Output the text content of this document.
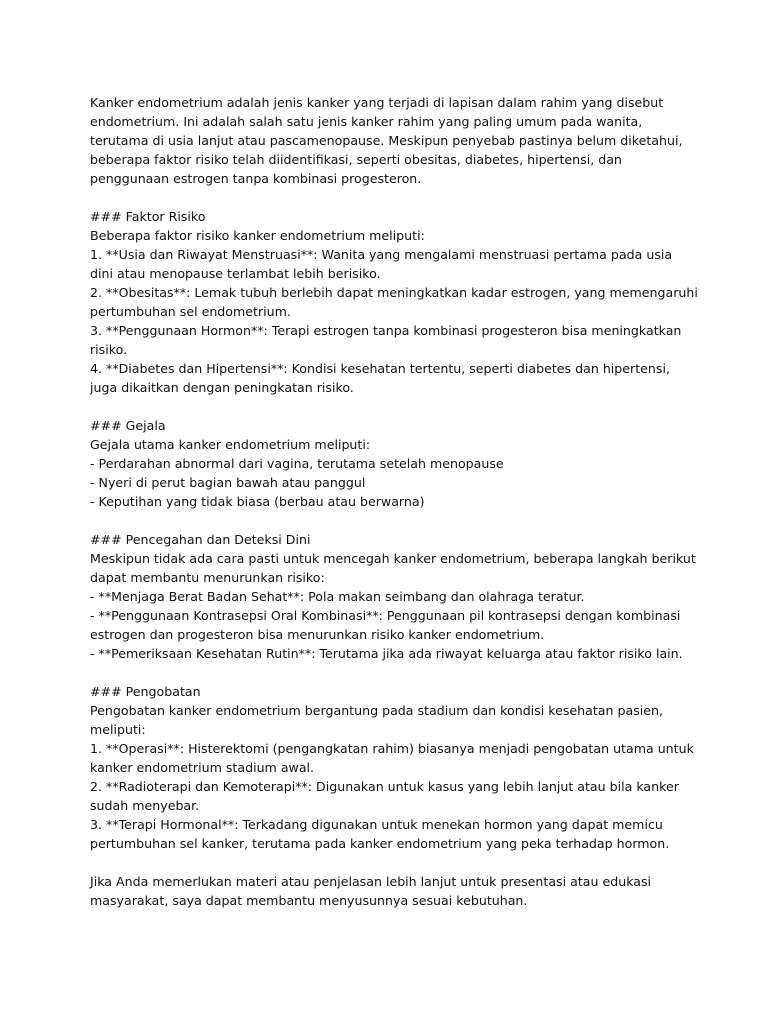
Kanker endometrium adalah jenis kanker yang terjadi di lapisan dalam rahim yang disebut
endometrium. Ini adalah salah satu jenis kanker rahim yang paling umum pada wanita,
terutama di usia lanjut atau pascamenopause. Meskipun penyebab pastinya belum diketahui,
beberapa faktor risiko telah diidentifikasi, seperti obesitas, diabetes, hipertensi, dan
penggunaan estrogen tanpa kombinasi progesteron.
### Faktor Risiko
Beberapa faktor risiko kanker endometrium meliputi:
1. **Usia dan Riwayat Menstruasi**: Wanita yang mengalami menstruasi pertama pada usia
dini atau menopause terlambat lebih berisiko.
2. **Obesitas**: Lemak tubuh berlebih dapat meningkatkan kadar estrogen, yang memengaruhi
pertumbuhan sel endometrium.
3. **Penggunaan Hormon**: Terapi estrogen tanpa kombinasi progesteron bisa meningkatkan
risiko.
4. **Diabetes dan Hipertensi**: Kondisi kesehatan tertentu, seperti diabetes dan hipertensi,
juga dikaitkan dengan peningkatan risiko.
### Gejala
Gejala utama kanker endometrium meliputi:
- Perdarahan abnormal dari vagina, terutama setelah menopause
- Nyeri di perut bagian bawah atau panggul
- Keputihan yang tidak biasa (berbau atau berwarna)
### Pencegahan dan Deteksi Dini
Meskipun tidak ada cara pasti untuk mencegah kanker endometrium, beberapa langkah berikut
dapat membantu menurunkan risiko:
- **Menjaga Berat Badan Sehat**: Pola makan seimbang dan olahraga teratur.
- **Penggunaan Kontrasepsi Oral Kombinasi**: Penggunaan pil kontrasepsi dengan kombinasi
estrogen dan progesteron bisa menurunkan risiko kanker endometrium.
- **Pemeriksaan Kesehatan Rutin**: Terutama jika ada riwayat keluarga atau faktor risiko lain.
### Pengobatan
Pengobatan kanker endometrium bergantung pada stadium dan kondisi kesehatan pasien,
meliputi:
1. **Operasi**: Histerektomi (pengangkatan rahim) biasanya menjadi pengobatan utama untuk
kanker endometrium stadium awal.
2. **Radioterapi dan Kemoterapi**: Digunakan untuk kasus yang lebih lanjut atau bila kanker
sudah menyebar.
3. **Terapi Hormonal**: Terkadang digunakan untuk menekan hormon yang dapat memicu
pertumbuhan sel kanker, terutama pada kanker endometrium yang peka terhadap hormon.
Jika Anda memerlukan materi atau penjelasan lebih lanjut untuk presentasi atau edukasi
masyarakat, saya dapat membantu menyusunnya sesuai kebutuhan.
